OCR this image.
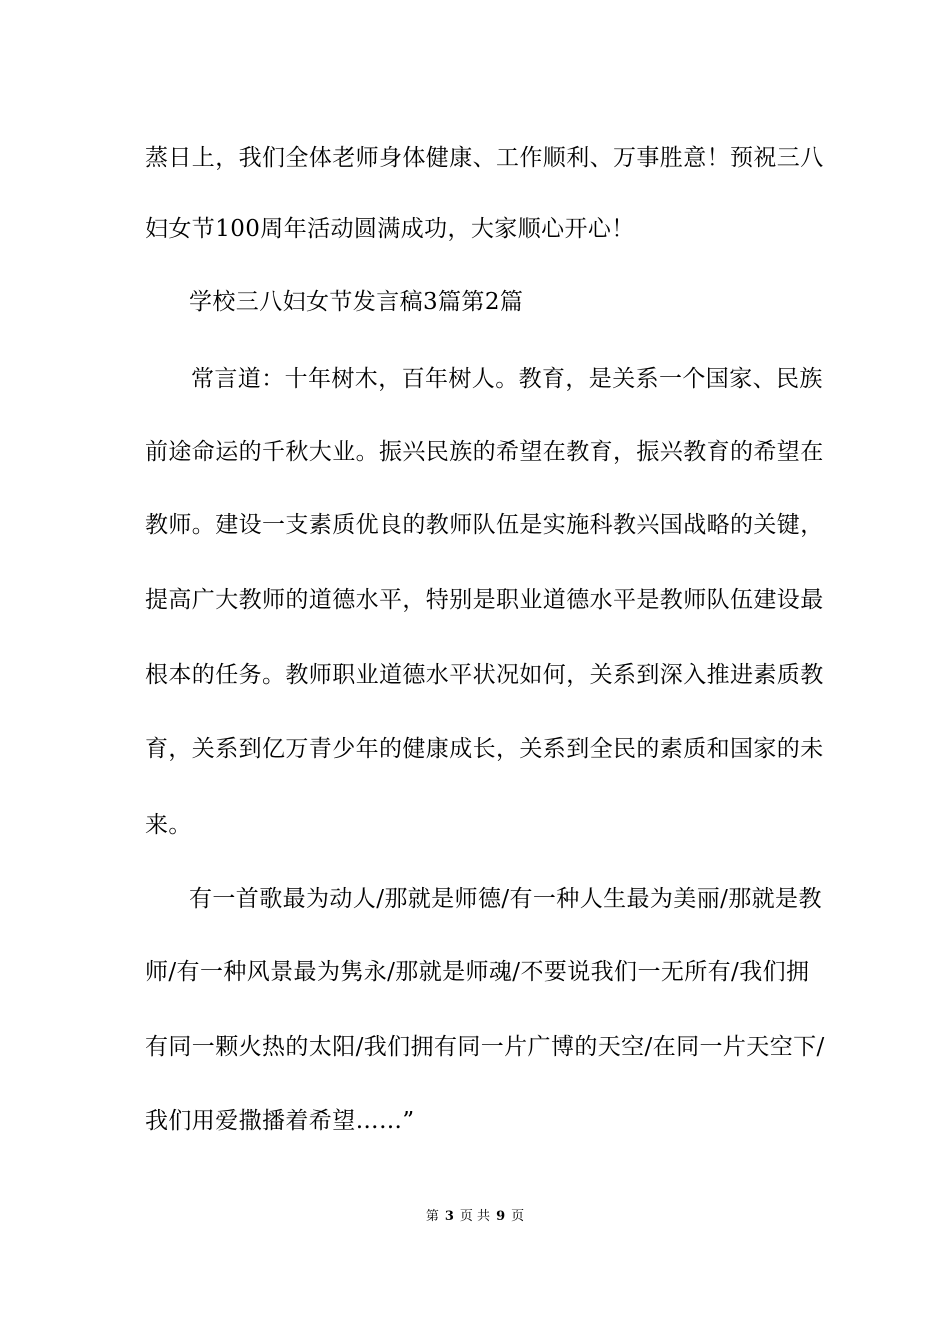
蒸日上，我们全体老师身体健康、工作顺利、万事胜意！预祝三八
妇女节100周年活动圆满成功，大家顺心开心！
学校三八妇女节发言稿3篇第2篇
常言道：十年树木，百年树人。教育，是关系一个国家、民族
前途命运的千秋大业。振兴民族的希望在教育，振兴教育的希望在
教师。建设一支素质优良的教师队伍是实施科教兴国战略的关键，
提高广大教师的道德水平，特别是职业道德水平是教师队伍建设最
根本的任务。教师职业道德水平状况如何，关系到深入推进素质教
育，关系到亿万青少年的健康成长，关系到全民的素质和国家的未
来。
有一首歌最为动人/那就是师德/有一种人生最为美丽/那就是教
师/有一种风景最为隽永/那就是师魂/不要说我们一无所有/我们拥
有同一颗火热的太阳/我们拥有同一片广博的天空/在同一片天空下/
我们用爱撒播着希望……”
第 3 页 共 9 页
